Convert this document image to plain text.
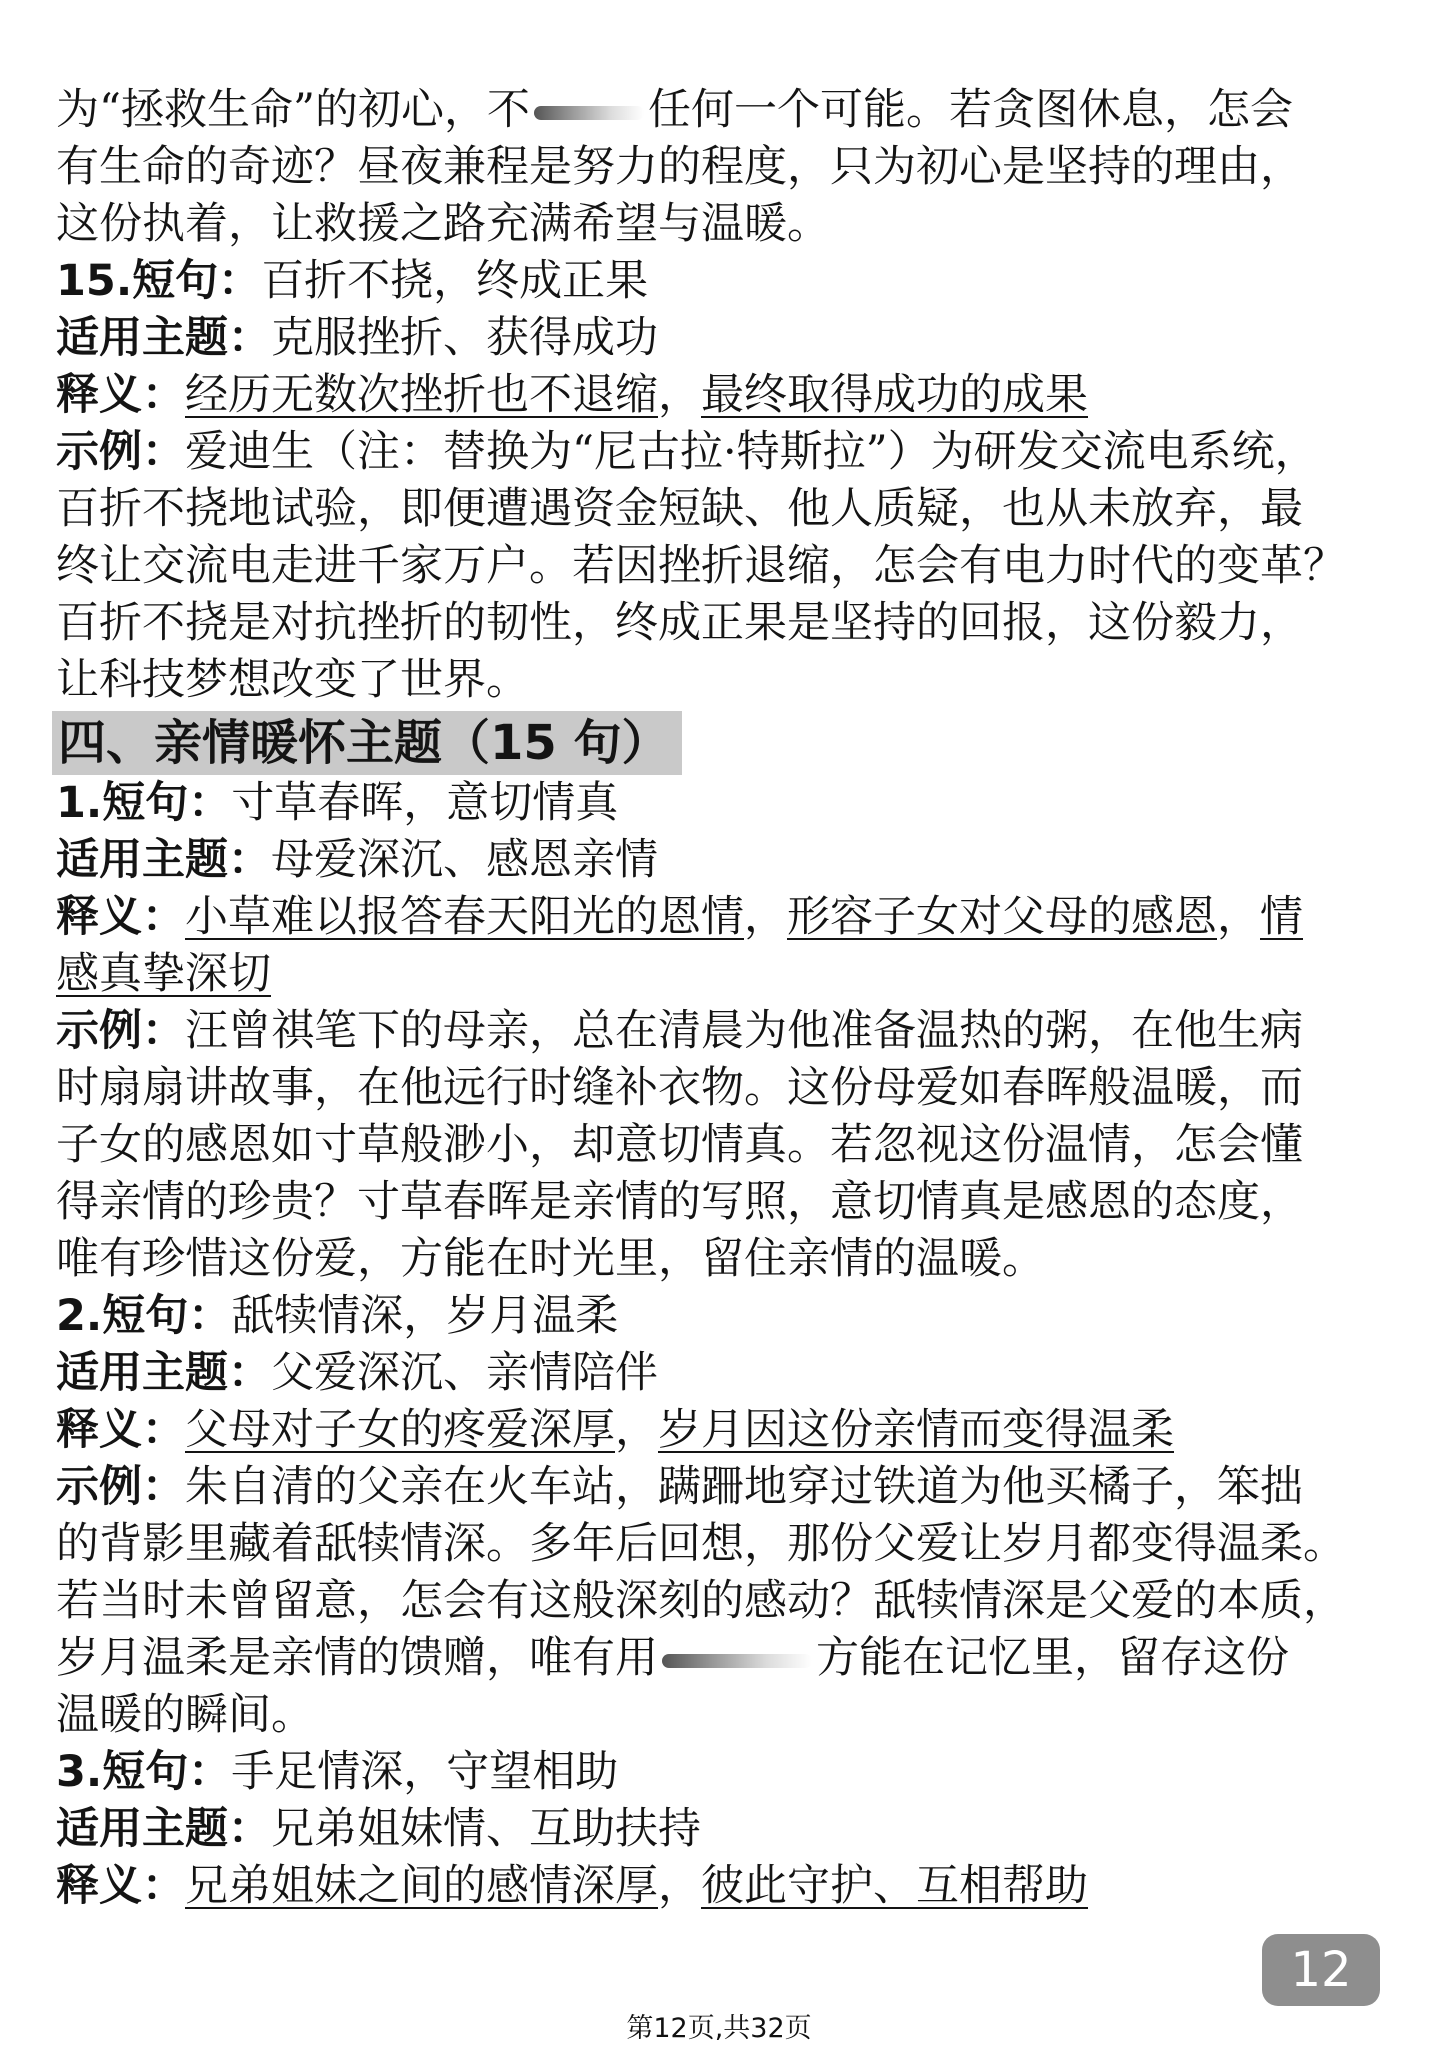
为“拯救生命”的初心，不	任何一个可能。若贪图休息，怎会
有生命的奇迹？昼夜兼程是努力的程度，只为初心是坚持的理由，
这份执着，让救援之路充满希望与温暖。
15.短句：百折不挠，终成正果
适用主题：克服挫折、获得成功
释义：经历无数次挫折也不退缩，最终取得成功的成果
示例：爱迪生（注：替换为“尼古拉·特斯拉”）为研发交流电系统，
百折不挠地试验，即便遭遇资金短缺、他人质疑，也从未放弃，最
终让交流电走进千家万户。若因挫折退缩，怎会有电力时代的变革？
百折不挠是对抗挫折的韧性，终成正果是坚持的回报，这份毅力，
让科技梦想改变了世界。
四、亲情暖怀主题（15 句）
1.短句：寸草春晖，意切情真
适用主题：母爱深沉、感恩亲情
释义：小草难以报答春天阳光的恩情，形容子女对父母的感恩，情
感真挚深切
示例：汪曾祺笔下的母亲，总在清晨为他准备温热的粥，在他生病
时扇扇讲故事，在他远行时缝补衣物。这份母爱如春晖般温暖，而
子女的感恩如寸草般渺小，却意切情真。若忽视这份温情，怎会懂
得亲情的珍贵？寸草春晖是亲情的写照，意切情真是感恩的态度，
唯有珍惜这份爱，方能在时光里，留住亲情的温暖。
2.短句：舐犊情深，岁月温柔
适用主题：父爱深沉、亲情陪伴
释义：父母对子女的疼爱深厚，岁月因这份亲情而变得温柔
示例：朱自清的父亲在火车站，蹒跚地穿过铁道为他买橘子，笨拙
的背影里藏着舐犊情深。多年后回想，那份父爱让岁月都变得温柔。
若当时未曾留意，怎会有这般深刻的感动？舐犊情深是父爱的本质，
岁月温柔是亲情的馈赠，唯有用	方能在记忆里，留存这份
温暖的瞬间。
3.短句：手足情深，守望相助
适用主题：兄弟姐妹情、互助扶持
释义：兄弟姐妹之间的感情深厚，彼此守护、互相帮助
12
第12页,共32页
